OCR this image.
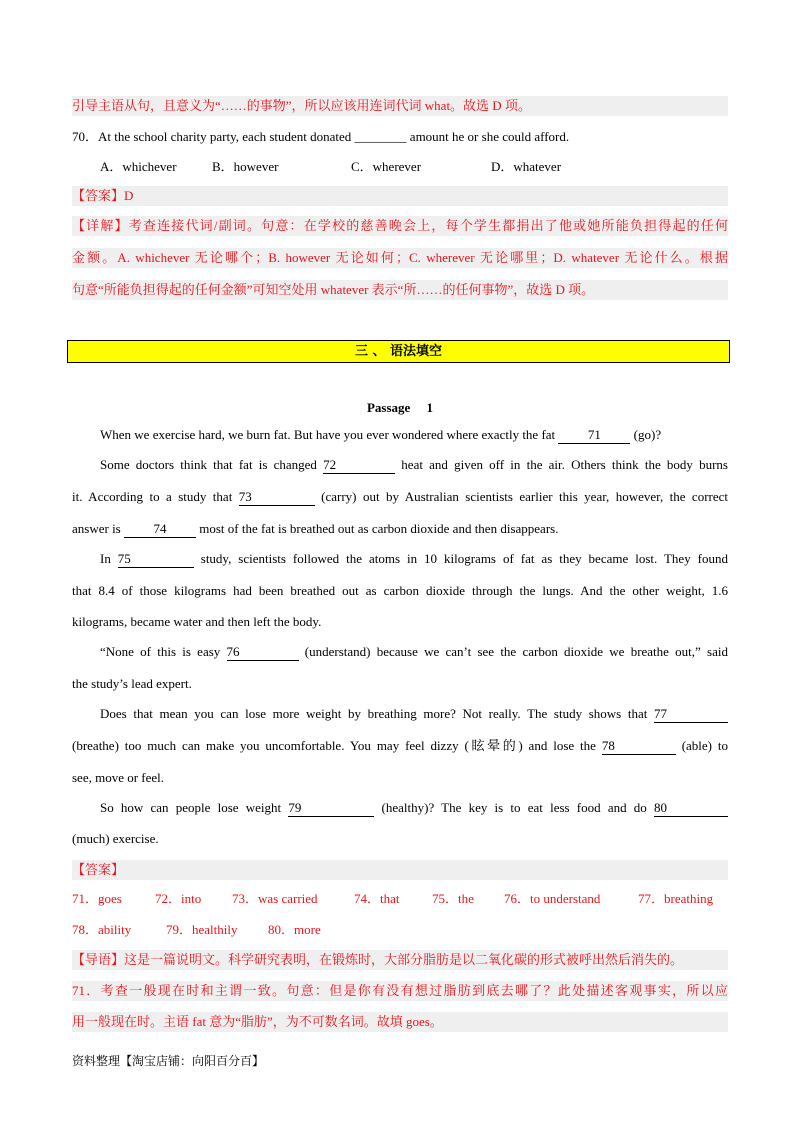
引导主语从句，且意义为“……的事物”，所以应该用连词代词 what。故选 D 项。
70．At the school charity party, each student donated ________ amount he or she could afford.
A．whichever	B．however	C．wherever	D．whatever
【答案】D
【详解】考查连接代词/副词。句意：在学校的慈善晚会上，每个学生都捐出了他或她所能负担得起的任何
金额。A. whichever 无论哪个；B. however 无论如何；C. wherever 无论哪里；D. whatever 无论什么。根据
句意“所能负担得起的任何金额”可知空处用 whatever 表示“所……的任何事物”，故选 D 项。
三 、 语法填空
Passage　 1
When we exercise hard, we burn fat. But have you ever wondered where exactly the fat 71 (go)?
Some doctors think that fat is changed 72	heat and given off in the air. Others think the body burns
it. According to a study that 73	(carry) out by Australian scientists earlier this year, however, the correct
answer is 74 most of the fat is breathed out as carbon dioxide and then disappears.
In 75	study, scientists followed the atoms in 10 kilograms of fat as they became lost. They found
that 8.4 of those kilograms had been breathed out as carbon dioxide through the lungs. And the other weight, 1.6
kilograms, became water and then left the body.
“None of this is easy 76	(understand) because we can’t see the carbon dioxide we breathe out,” said
the study’s lead expert.
Does that mean you can lose more weight by breathing more? Not really. The study shows that 77
(breathe) too much can make you uncomfortable. You may feel dizzy (眩晕的) and lose the 78	(able) to
see, move or feel.
So how can people lose weight 79	(healthy)? The key is to eat less food and do 80
(much) exercise.
【答案】
71．goes	72．into 73．was carried	74．that	75．the 76．to understand	77．breathing
78．ability	79．healthily 80．more
【导语】这是一篇说明文。科学研究表明，在锻炼时，大部分脂肪是以二氧化碳的形式被呼出然后消失的。
71．考查一般现在时和主谓一致。句意：但是你有没有想过脂肪到底去哪了？此处描述客观事实，所以应
用一般现在时。主语 fat 意为“脂肪”，为不可数名词。故填 goes。
资料整理【淘宝店铺：向阳百分百】
